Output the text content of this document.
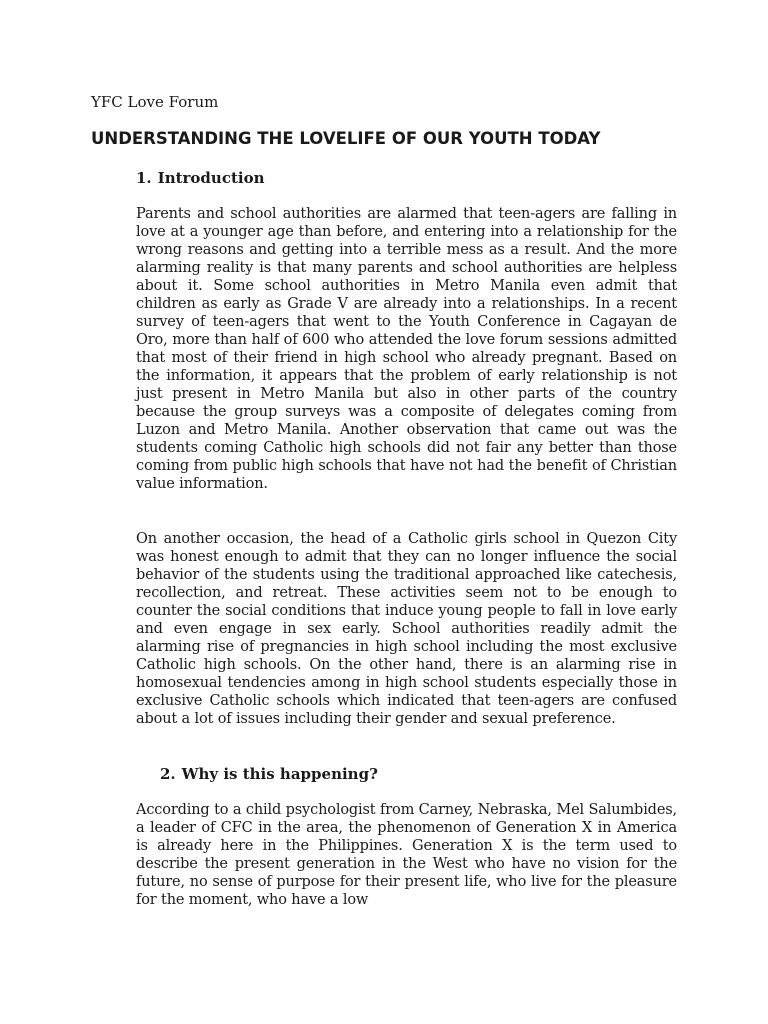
YFC Love Forum

UNDERSTANDING THE LOVELIFE OF OUR YOUTH TODAY
1. Introduction

Parents and school authorities are alarmed that teen-agers are falling in love at a younger age than before, and entering into a relationship for the wrong reasons and getting into a terrible mess as a result. And the more alarming reality is that many parents and school authorities are helpless about it. Some school authorities in Metro Manila even admit that children as early as Grade V are already into a relationships. In a recent survey of teen-agers that went to the Youth Conference in Cagayan de Oro, more than half of 600 who attended the love forum sessions admitted that most of their friend in high school who already pregnant. Based on the information, it appears that the problem of early relationship is not just present in Metro Manila but also in other parts of the country because the group surveys was a composite of delegates coming from Luzon and Metro Manila. Another observation that came out was the students coming Catholic high schools did not fair any better than those coming from public high schools that have not had the benefit of Christian value information.

On another occasion, the head of a Catholic girls school in Quezon City was honest enough to admit that they can no longer influence the social behavior of the students using the traditional approached like catechesis, recollection, and retreat. These activities seem not to be enough to counter the social conditions that induce young people to fall in love early and even engage in sex early. School authorities readily admit the alarming rise of pregnancies in high school including the most exclusive Catholic high schools. On the other hand, there is an alarming rise in homosexual tendencies among in high school students especially those in exclusive Catholic schools which indicated that teen-agers are confused about a lot of issues including their gender and sexual preference.

2. Why is this happening?

According to a child psychologist from Carney, Nebraska, Mel Salumbides, a leader of CFC in the area, the phenomenon of Generation X in America is already here in the Philippines. Generation X is the term used to describe the present generation in the West who have no vision for the future, no sense of purpose for their present life, who live for the pleasure for the moment, who have a low
